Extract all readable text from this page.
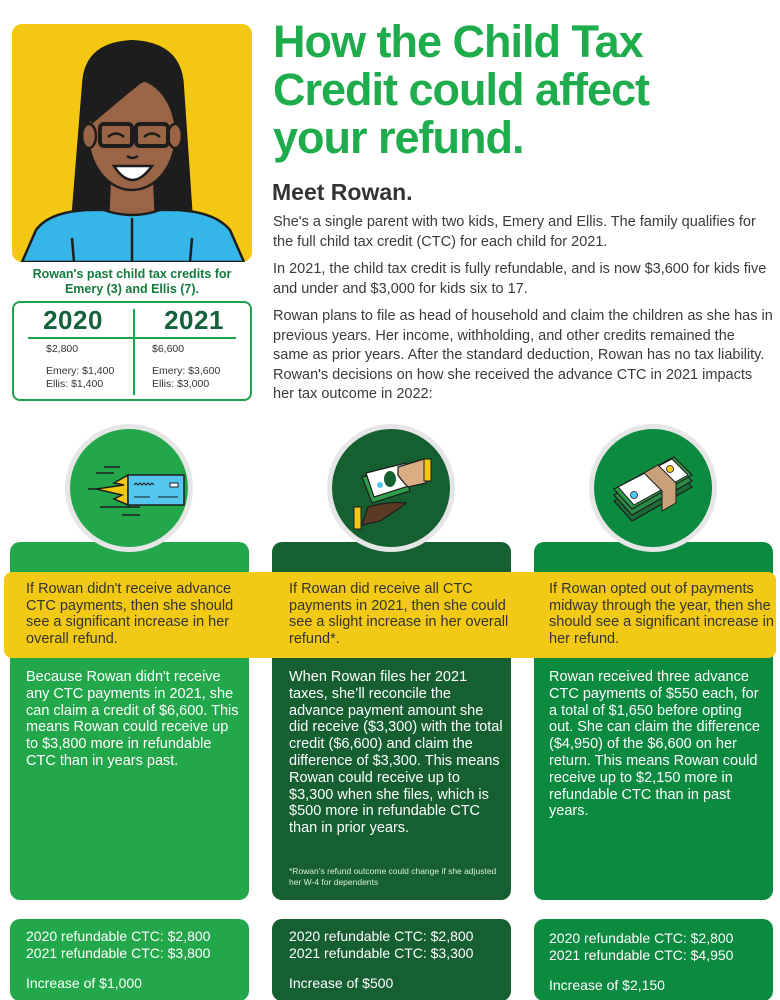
Rowan's past child tax credits for
Emery (3) and Ellis (7).
2020
$2,800
Emery: $1,400
Ellis: $1,400
2021
$6,600
Emery: $3,600
Ellis: $3,000
How the Child Tax
Credit could affect
your refund.
Meet Rowan.

She's a single parent with two kids, Emery and Ellis. The family qualifies for the full child tax credit (CTC) for each child for 2021.

In 2021, the child tax credit is fully refundable, and is now $3,600 for kids five and under and $3,000 for kids six to 17.

Rowan plans to file as head of household and claim the children as she has in previous years. Her income, withholding, and other credits remained the same as prior years. After the standard deduction, Rowan has no tax liability. Rowan's decisions on how she received the advance CTC in 2021 impacts her tax outcome in 2022:

If Rowan didn't receive advance CTC payments, then she should see a significant increase in her overall refund.
If Rowan did receive all CTC payments in 2021, then she could see a slight increase in her overall refund*.
If Rowan opted out of payments midway through the year, then she should see a significant increase in her refund.
Because Rowan didn't receive any CTC payments in 2021, she can claim a credit of $6,600. This means Rowan could receive up to $3,800 more in refundable CTC than in years past.
When Rowan files her 2021 taxes, she’ll reconcile the advance payment amount she did receive ($3,300) with the total credit ($6,600) and claim the difference of $3,300. This means Rowan could receive up to $3,300 when she files, which is $500 more in refundable CTC than in prior years.
Rowan received three advance CTC payments of $550 each, for a total of $1,650 before opting out. She can claim the difference ($4,950) of the $6,600 on her return. This means Rowan could receive up to $2,150 more in refundable CTC than in past years.
*Rowan’s refund outcome could change if she adjusted her W-4 for dependents
2020 refundable CTC: $2,800
2021 refundable CTC: $3,800
Increase of $1,000
2020 refundable CTC: $2,800
2021 refundable CTC: $3,300
Increase of $500
2020 refundable CTC: $2,800
2021 refundable CTC: $4,950
Increase of $2,150
